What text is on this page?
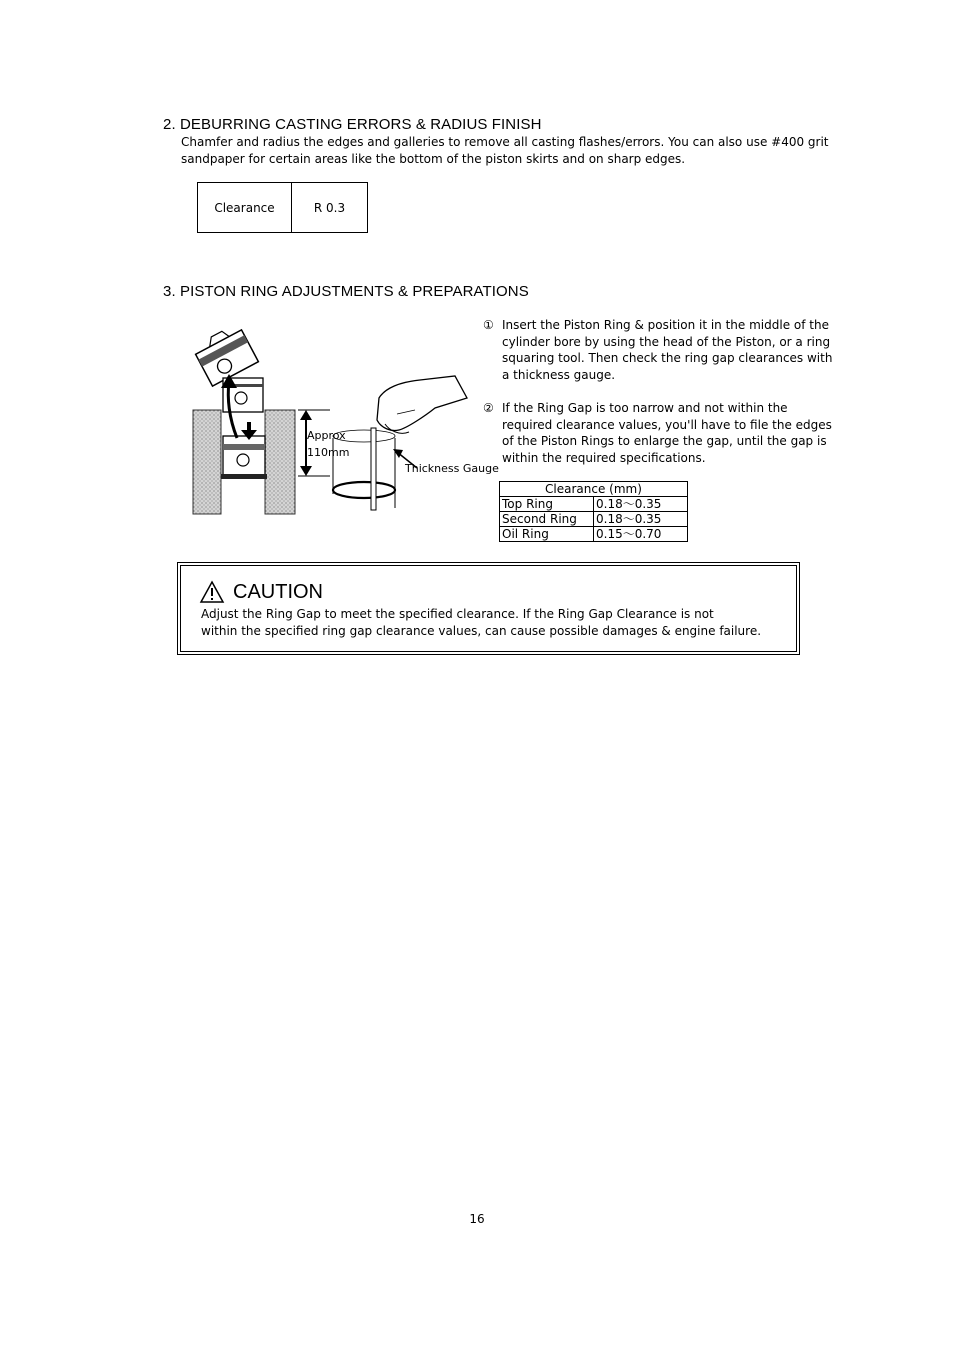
2. DEBURRING CASTING ERRORS & RADIUS FINISH
Chamfer and radius the edges and galleries to remove all casting flashes/errors. You can also use #400 grit
sandpaper for certain areas like the bottom of the piston skirts and on sharp edges.
Clearance	R 0.3
3. PISTON RING ADJUSTMENTS & PREPARATIONS
Approx
110mm
Thickness Gauge
① Insert the Piston Ring & position it in the middle of the
cylinder bore by using the head of the Piston, or a ring
squaring tool. Then check the ring gap clearances with
a thickness gauge.
② If the Ring Gap is too narrow and not within the
required clearance values, you'll have to file the edges
of the Piston Rings to enlarge the gap, until the gap is
within the required specifications.
Clearance (mm)	
Top Ring	0.18〜0.35
Second Ring	0.18〜0.35
Oil Ring	0.15〜0.70
CAUTION
Adjust the Ring Gap to meet the specified clearance. If the Ring Gap Clearance is not
within the specified ring gap clearance values, can cause possible damages & engine failure.
16
